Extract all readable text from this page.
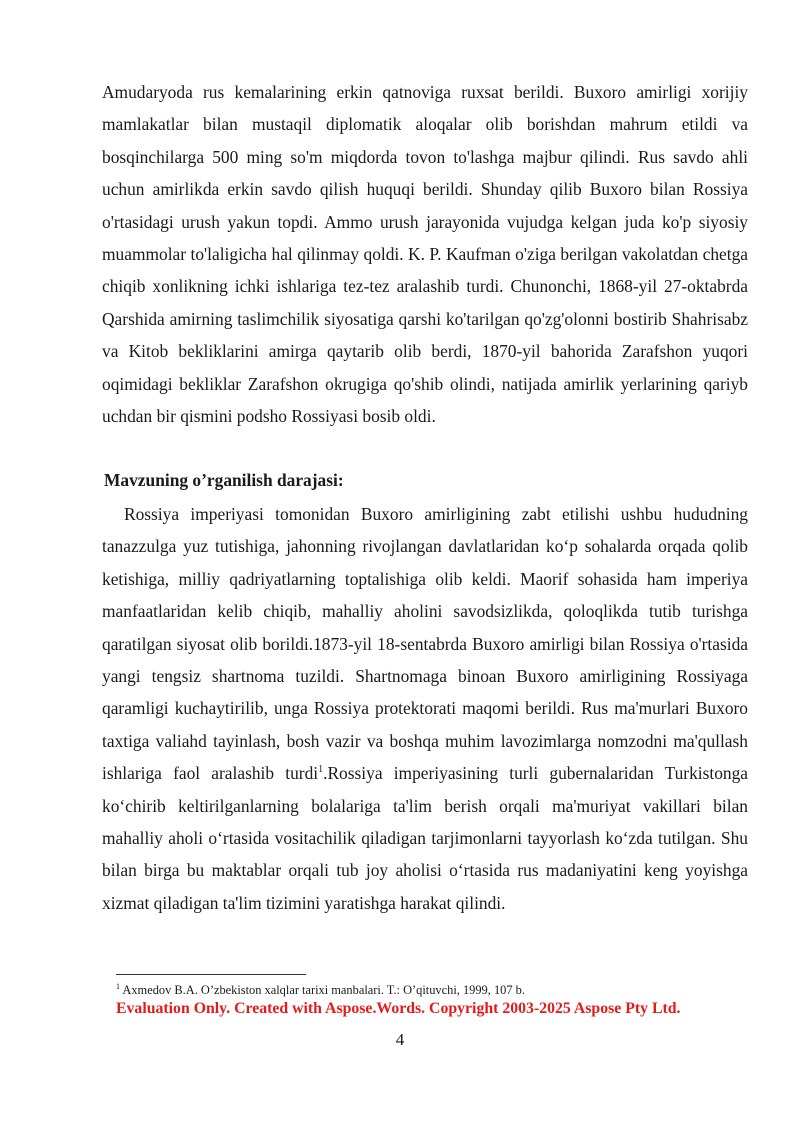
Amudaryoda rus kemalarining erkin qatnoviga ruxsat berildi. Buxoro amirligi xorijiy mamlakatlar bilan mustaqil diplomatik aloqalar olib borishdan mahrum etildi va bosqinchilarga 500 ming so'm miqdorda tovon to'lashga majbur qilindi. Rus savdo ahli uchun amirlikda erkin savdo qilish huquqi berildi. Shunday qilib Buxoro bilan Rossiya o'rtasidagi urush yakun topdi. Ammo urush jarayonida vujudga kelgan juda ko'p siyosiy muammolar to'laligicha hal qilinmay qoldi. K. P. Kaufman o'ziga berilgan vakolatdan chetga chiqib xonlikning ichki ishlariga tez-tez aralashib turdi. Chunonchi, 1868-yil 27-oktabrda Qarshida amirning taslimchilik siyosatiga qarshi ko'tarilgan qo'zg'olonni bostirib Shahrisabz va Kitob bekliklarini amirga qaytarib olib berdi, 1870-yil bahorida Zarafshon yuqori oqimidagi bekliklar Zarafshon okrugiga qo'shib olindi, natijada amirlik yerlarining qariyb uchdan bir qismini podsho Rossiyasi bosib oldi.

Mavzuning o’rganilish darajasi:

Rossiya imperiyasi tomonidan Buxoro amirligining zabt etilishi ushbu hududning tanazzulga yuz tutishiga, jahonning rivojlangan davlatlaridan ko‘p sohalarda orqada qolib ketishiga, milliy qadriyatlarning toptalishiga olib keldi. Maorif sohasida ham imperiya manfaatlaridan kelib chiqib, mahalliy aholini savodsizlikda, qoloqlikda tutib turishga qaratilgan siyosat olib borildi.1873-yil 18-sentabrda Buxoro amirligi bilan Rossiya o'rtasida yangi tengsiz shartnoma tuzildi. Shartnomaga binoan Buxoro amirligining Rossiyaga qaramligi kuchaytirilib, unga Rossiya protektorati maqomi berildi. Rus ma'murlari Buxoro taxtiga valiahd tayinlash, bosh vazir va boshqa muhim lavozimlarga nomzodni ma'qullash ishlariga faol aralashib turdi$^1$.Rossiya imperiyasining turli gubernalaridan Turkistonga ko‘chirib keltirilganlarning bolalariga ta'lim berish orqali ma'muriyat vakillari bilan mahalliy aholi o‘rtasida vositachilik qiladigan tarjimonlarni tayyorlash ko‘zda tutilgan. Shu bilan birga bu maktablar orqali tub joy aholisi o‘rtasida rus madaniyatini keng yoyishga xizmat qiladigan ta'lim tizimini yaratishga harakat qilindi.

$^1$ Axmedov B.A. O’zbekiston xalqlar tarixi manbalari. T.: O’qituvchi, 1999, 107 b.

Evaluation Only. Created with Aspose.Words. Copyright 2003-2025 Aspose Pty Ltd.

4
